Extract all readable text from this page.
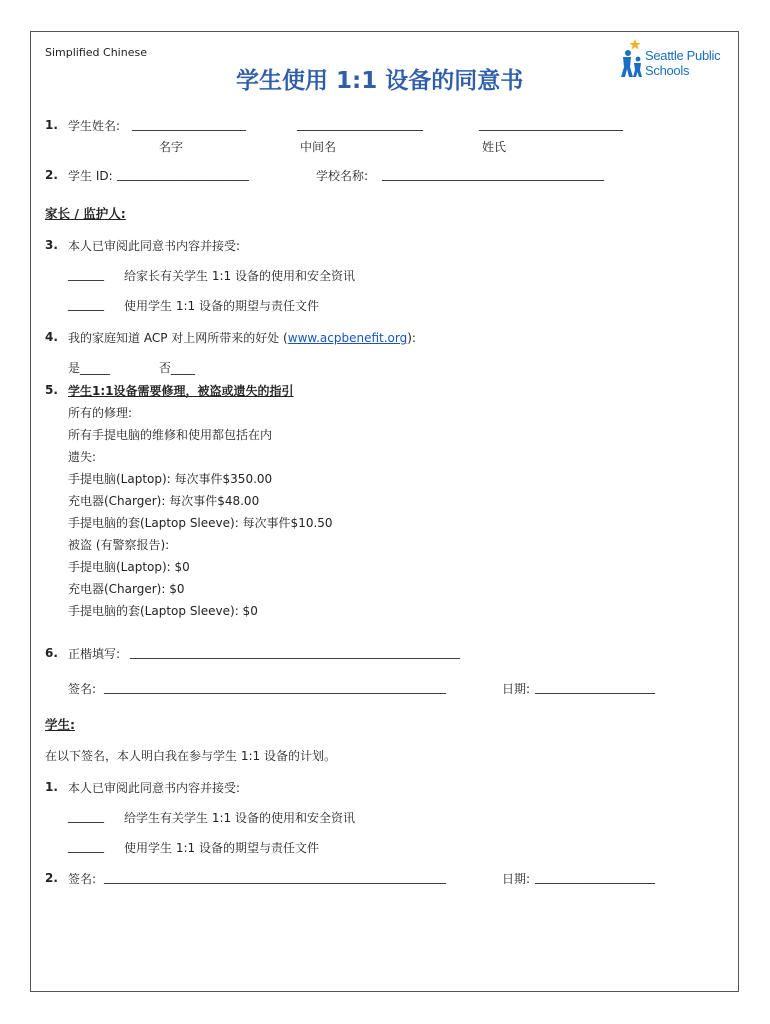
Simplified Chinese
学生使用 1:1 设备的同意书
Seattle Public
Schools
1. 学生姓名: ___________________	_____________________	________________________
名字	中间名	姓氏
2. 学生 ID: ______________________	学校名称: _____________________________________
家长 / 监护人:
3. 本人已审阅此同意书内容并接受:
______ 给家长有关学生 1:1 设备的使用和安全资讯
______ 使用学生 1:1 设备的期望与责任文件
4. 我的家庭知道 ACP 对上网所带来的好处 (www.acpbenefit.org):
是_____	否____
5. 学生1:1设备需要修理，被盗或遗失的指引
所有的修理:
所有手提电脑的维修和使用都包括在内
遗失:
手提电脑(Laptop): 每次事件$350.00
充电器(Charger): 每次事件$48.00
手提电脑的套(Laptop Sleeve): 每次事件$10.50
被盗 (有警察报告):
手提电脑(Laptop): $0
充电器(Charger): $0
手提电脑的套(Laptop Sleeve): $0
6. 正楷填写: _______________________________________________________
签名: _________________________________________________________	日期: ____________________
学生:
在以下签名，本人明白我在参与学生 1:1 设备的计划。
1. 本人已审阅此同意书内容并接受:
______ 给学生有关学生 1:1 设备的使用和安全资讯
______ 使用学生 1:1 设备的期望与责任文件
2. 签名: _________________________________________________________	日期: ____________________
